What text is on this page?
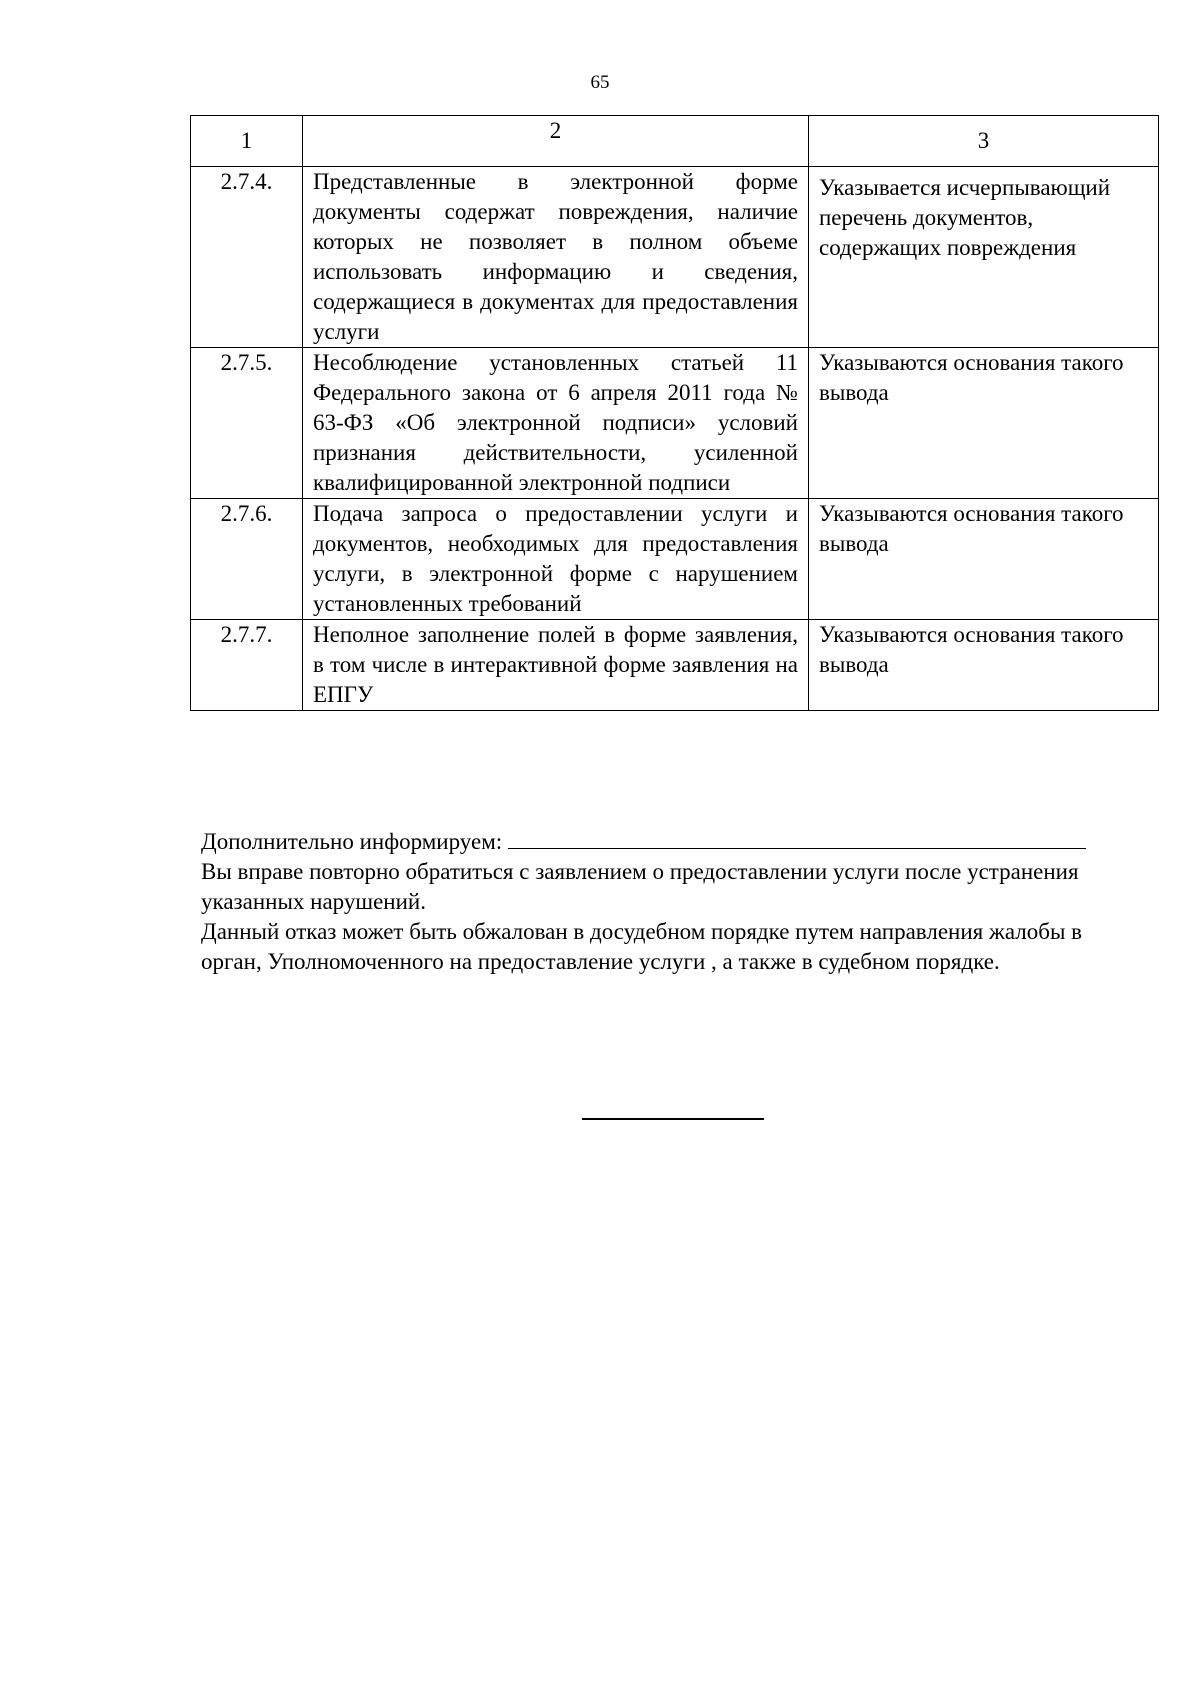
65
1	2	3
2.7.4.	Представленные в электронной форме документы содержат повреждения, наличие которых не позволяет в полном объеме использовать информацию и сведения, содержащиеся в документах для предоставления услуги	Указывается исчерпывающий перечень документов, содержащих повреждения
2.7.5.	Несоблюдение установленных статьей 11 Федерального закона от 6 апреля 2011 года № 63-ФЗ «Об электронной подписи» условий признания действительности, усиленной квалифицированной электронной подписи	Указываются основания такого вывода
2.7.6.	Подача запроса о предоставлении услуги и документов, необходимых для предоставления услуги, в электронной форме с нарушением установленных требований	Указываются основания такого вывода
2.7.7.	Неполное заполнение полей в форме заявления, в том числе в интерактивной форме заявления на ЕПГУ	Указываются основания такого вывода

Дополнительно информируем:

Вы вправе повторно обратиться с заявлением о предоставлении услуги после устранения указанных нарушений.

Данный отказ может быть обжалован в досудебном порядке путем направления жалобы в орган, Уполномоченного на предоставление услуги , а также в судебном порядке.
